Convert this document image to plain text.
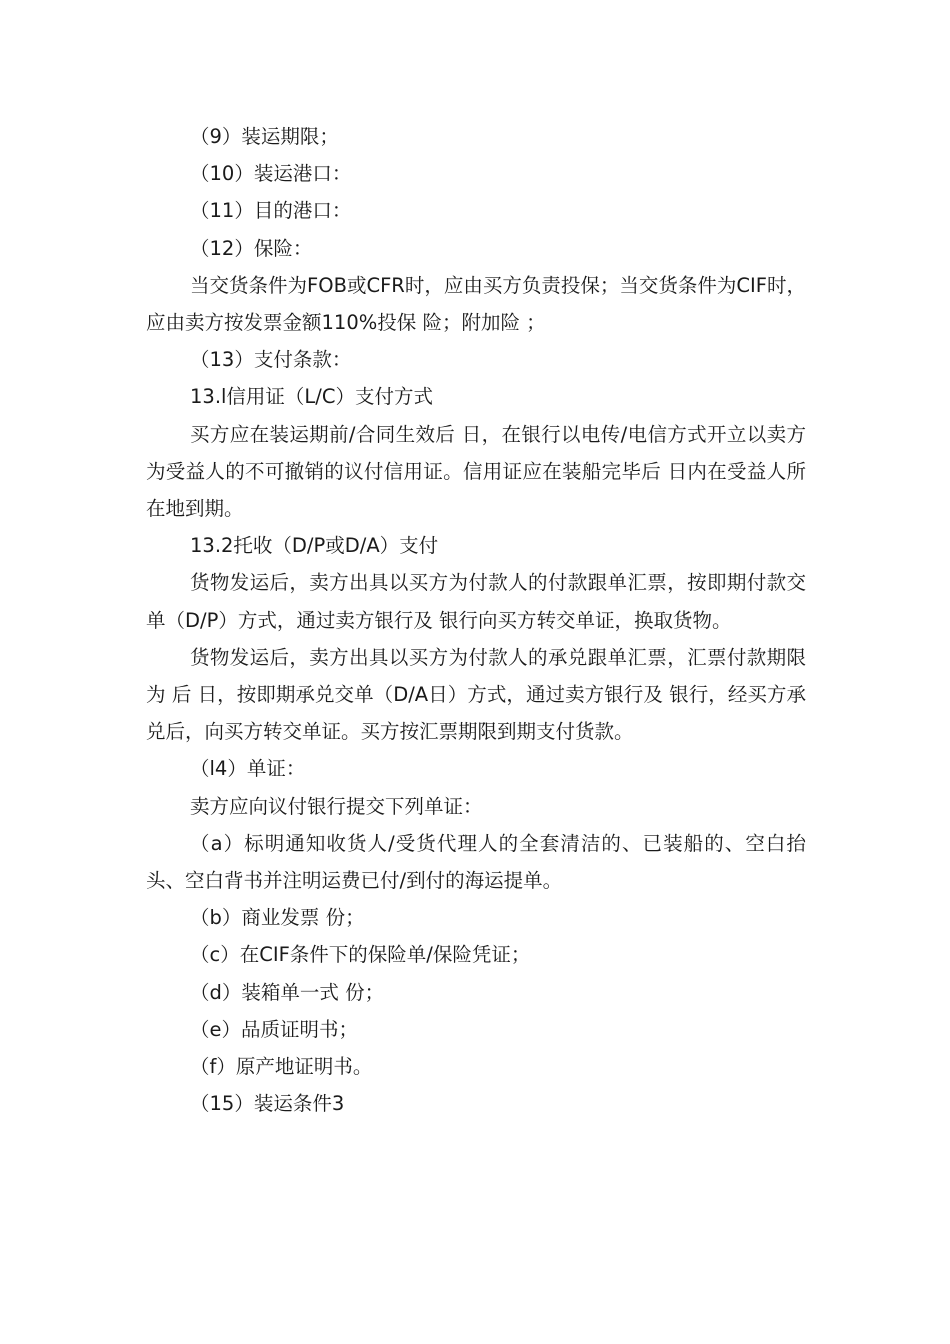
（9）装运期限；

（10）装运港口：

（11）目的港口：

（12）保险：

当交货条件为FOB或CFR时，应由买方负责投保；当交货条件为CIF时，应由卖方按发票金额110%投保 险；附加险 ；

（13）支付条款：

13.l信用证（L/C）支付方式

买方应在装运期前/合同生效后 日，在银行以电传/电信方式开立以卖方为受益人的不可撤销的议付信用证。信用证应在装船完毕后 日内在受益人所在地到期。

13.2托收（D/P或D/A）支付

货物发运后，卖方出具以买方为付款人的付款跟单汇票，按即期付款交单（D/P）方式，通过卖方银行及 银行向买方转交单证，换取货物。

货物发运后，卖方出具以买方为付款人的承兑跟单汇票，汇票付款期限为 后 日，按即期承兑交单（D/A日）方式，通过卖方银行及 银行，经买方承兑后，向买方转交单证。买方按汇票期限到期支付货款。

（l4）单证：

卖方应向议付银行提交下列单证：

（a）标明通知收货人/受货代理人的全套清洁的、已装船的、空白抬头、空白背书并注明运费已付/到付的海运提单。

（b）商业发票 份；

（c）在CIF条件下的保险单/保险凭证；

（d）装箱单一式 份；

（e）品质证明书；

（f）原产地证明书。

（15）装运条件3
